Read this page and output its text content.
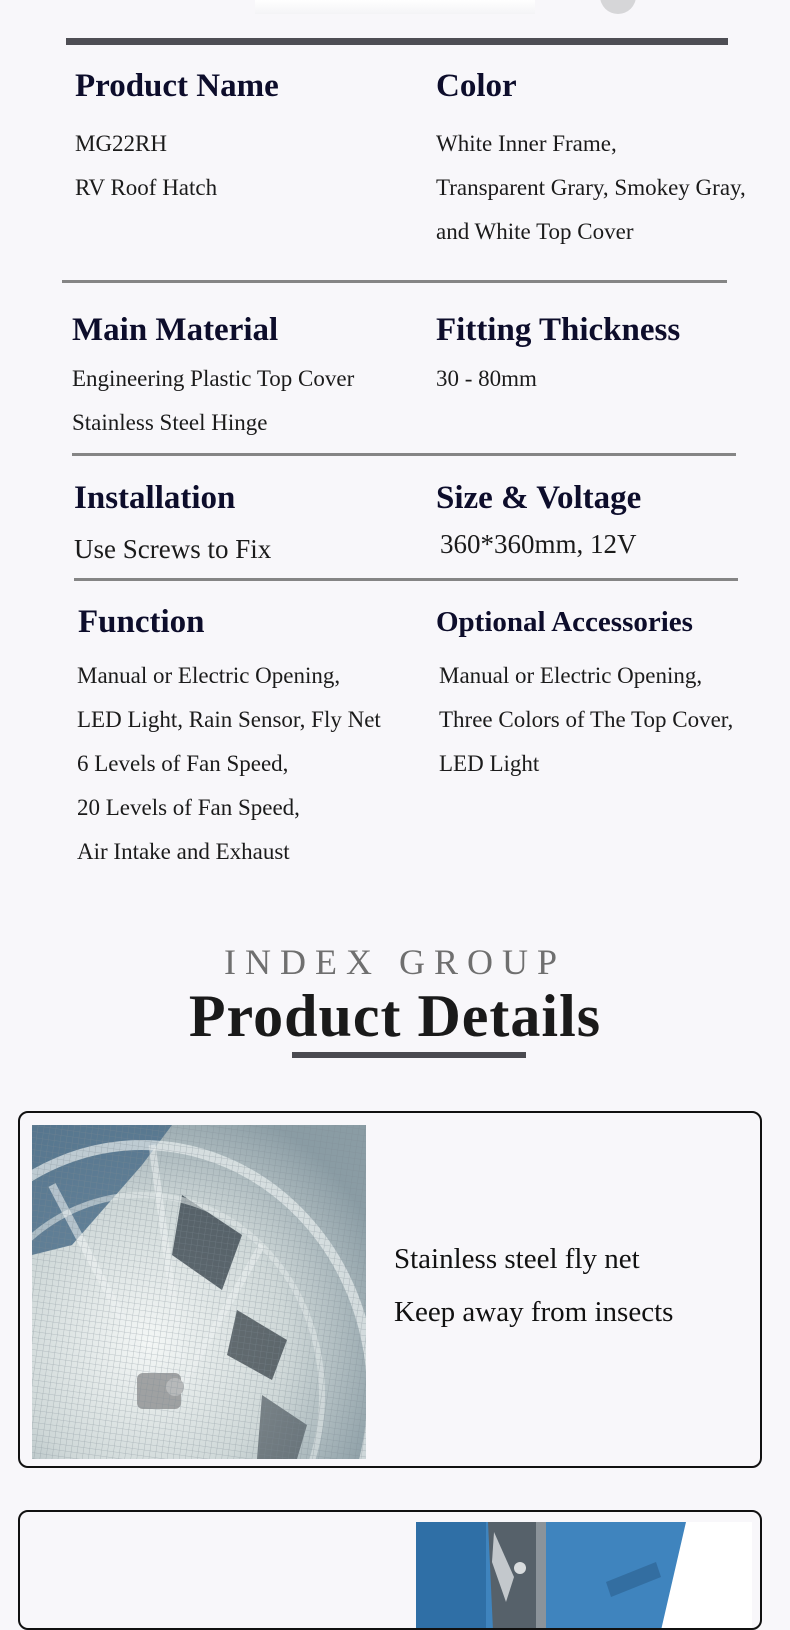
Product Name
MG22RH
RV Roof Hatch
Color
White Inner Frame,
Transparent Grary, Smokey Gray,
and White Top Cover
Main Material
Engineering Plastic Top Cover
Stainless Steel Hinge
Fitting Thickness
30 - 80mm
Installation
Use Screws to Fix
Size & Voltage
360*360mm, 12V
Function
Manual or Electric Opening,
LED Light, Rain Sensor, Fly Net
6 Levels of Fan Speed,
20 Levels of Fan Speed,
Air Intake and Exhaust
Optional Accessories
Manual or Electric Opening,
Three Colors of The Top Cover,
LED Light
INDEX GROUP
Product Details
Stainless steel fly net
Keep away from insects
